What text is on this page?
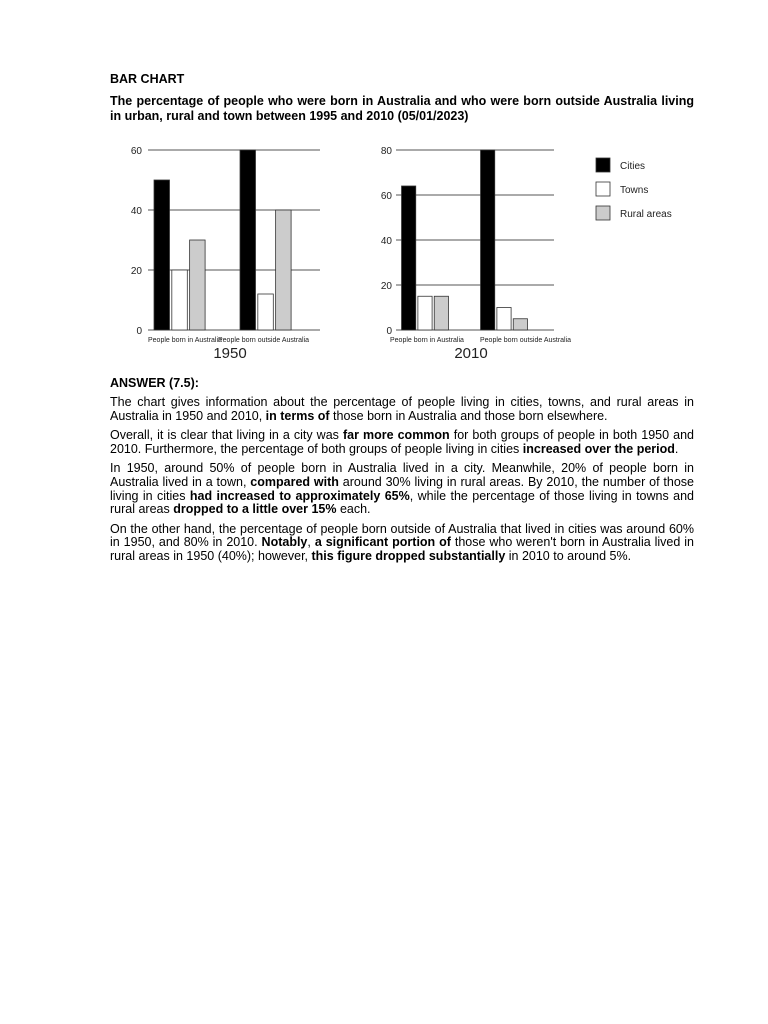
BAR CHART

The percentage of people who were born in Australia and who were born outside Australia living in urban, rural and town between 1995 and 2010 (05/01/2023)

0
20
40
60
People born in Australia
People born outside Australia
1950
0
20
40
60
80
People born in Australia People born outside Australia
2010
Cities
Towns
Rural areas
ANSWER (7.5):

The chart gives information about the percentage of people living in cities, towns, and rural areas in Australia in 1950 and 2010, in terms of those born in Australia and those born elsewhere.

Overall, it is clear that living in a city was far more common for both groups of people in both 1950 and 2010. Furthermore, the percentage of both groups of people living in cities increased over the period.

In 1950, around 50% of people born in Australia lived in a city. Meanwhile, 20% of people born in Australia lived in a town, compared with around 30% living in rural areas. By 2010, the number of those living in cities had increased to approximately 65%, while the percentage of those living in towns and rural areas dropped to a little over 15% each.

On the other hand, the percentage of people born outside of Australia that lived in cities was around 60% in 1950, and 80% in 2010. Notably, a significant portion of those who weren't born in Australia lived in rural areas in 1950 (40%); however, this figure dropped substantially in 2010 to around 5%.
